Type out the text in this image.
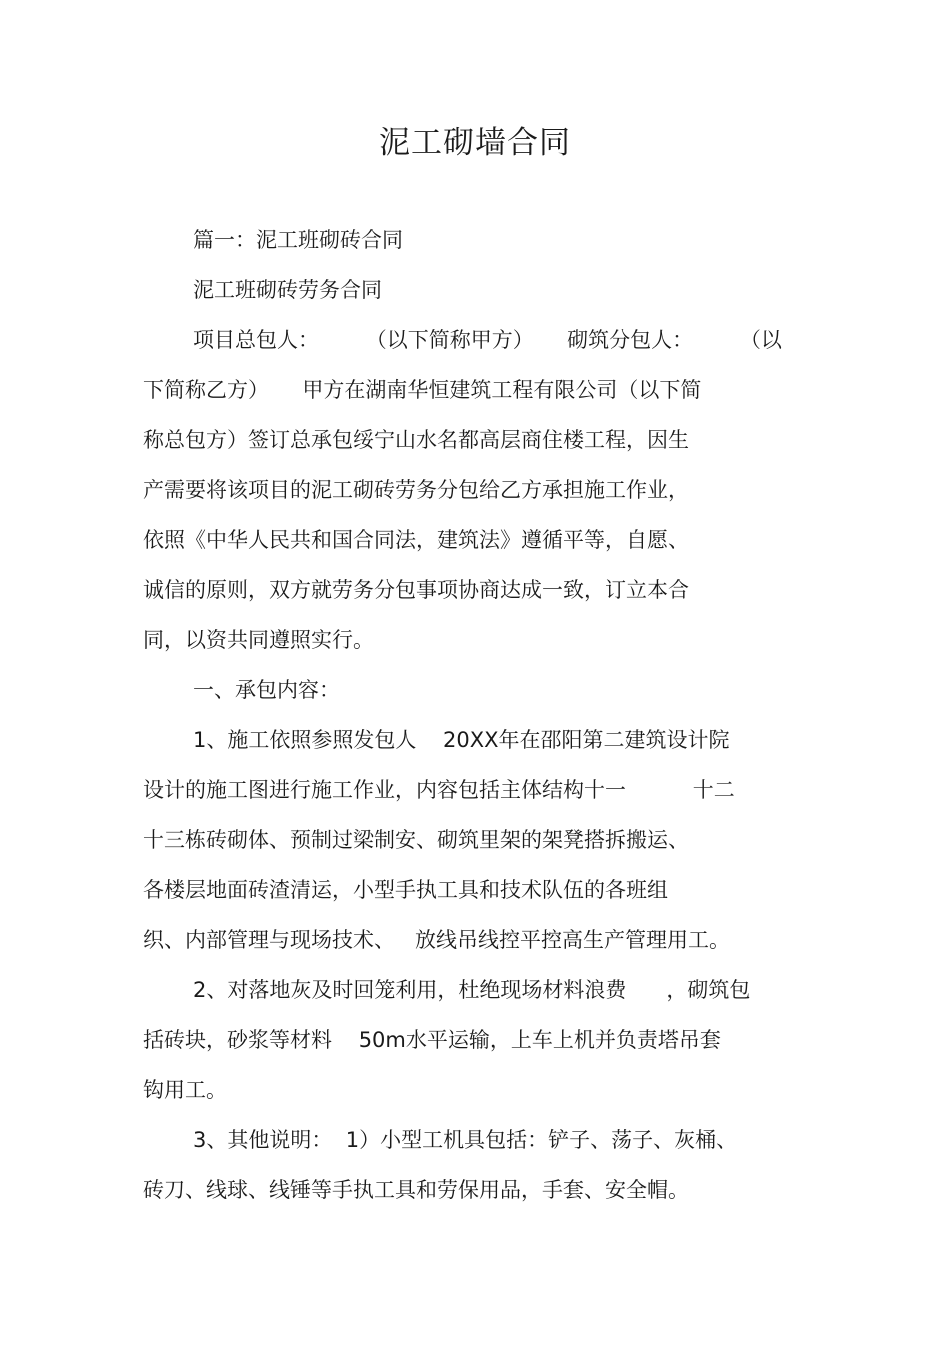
泥工砌墙合同
篇一：泥工班砌砖合同
泥工班砌砖劳务合同
项目总包人：       （以下简称甲方）     砌筑分包人：       （以
下简称乙方）     甲方在湖南华恒建筑工程有限公司（以下简
称总包方）签订总承包绥宁山水名都高层商住楼工程，因生
产需要将该项目的泥工砌砖劳务分包给乙方承担施工作业，
依照《中华人民共和国合同法，建筑法》遵循平等，自愿、
诚信的原则，双方就劳务分包事项协商达成一致，订立本合
同，以资共同遵照实行。
一、承包内容：
1、施工依照参照发包人    20XX年在邵阳第二建筑设计院
设计的施工图进行施工作业，内容包括主体结构十一          十二
十三栋砖砌体、预制过梁制安、砌筑里架的架凳搭拆搬运、
各楼层地面砖渣清运，小型手执工具和技术队伍的各班组
织、内部管理与现场技术、   放线吊线控平控高生产管理用工。
2、对落地灰及时回笼利用，杜绝现场材料浪费      ，砌筑包
括砖块，砂浆等材料    50m水平运输，上车上机并负责塔吊套
钩用工。
3、其他说明：  1）小型工机具包括：铲子、荡子、灰桶、
砖刀、线球、线锤等手执工具和劳保用品，手套、安全帽。
